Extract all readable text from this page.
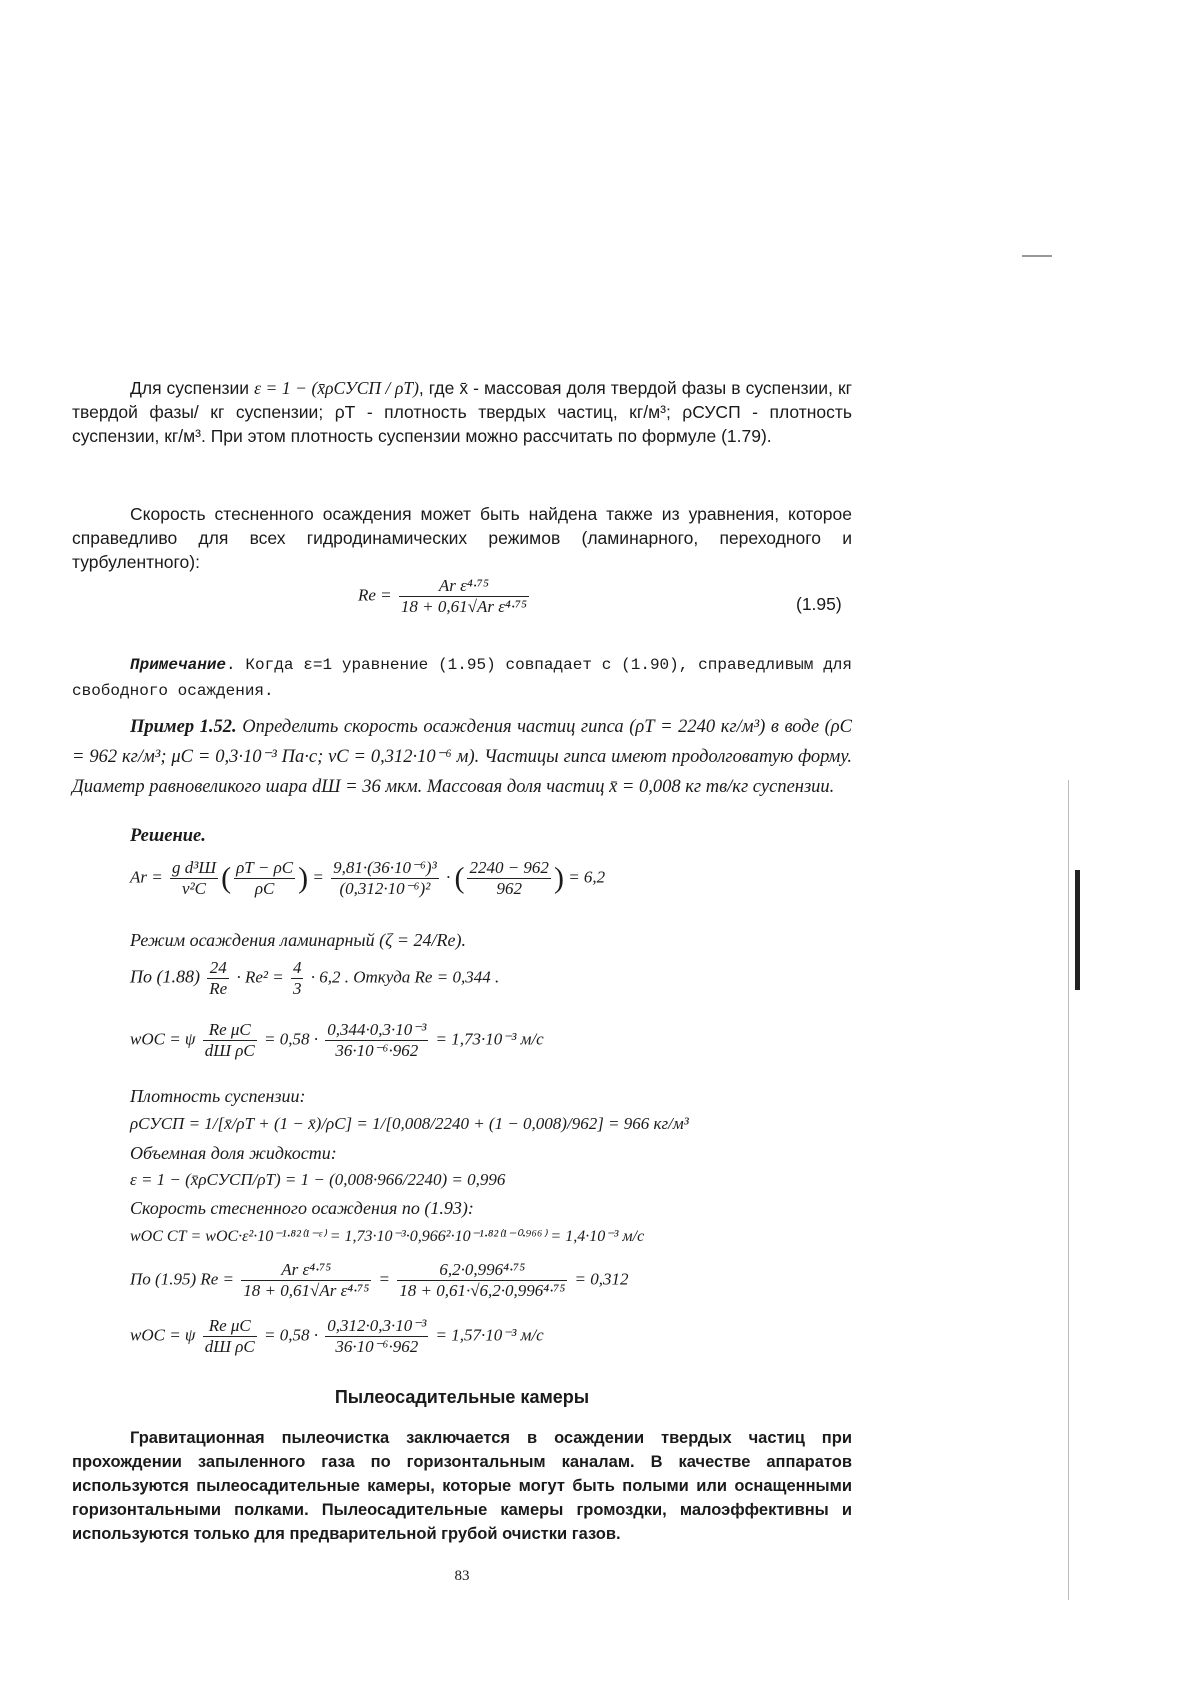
Для суспензии ε = 1 − (x̄ρСУСП / ρТ), где x̄ - массовая доля твердой фазы в суспензии, кг твердой фазы/ кг суспензии; ρТ - плотность твердых частиц, кг/м³; ρСУСП - плотность суспензии, кг/м³. При этом плотность суспензии можно рассчитать по формуле (1.79).
Скорость стесненного осаждения может быть найдена также из уравнения, которое справедливо для всех гидродинамических режимов (ламинарного, переходного и турбулентного):
$Re = \frac{\text{Ar ε⁴·⁷⁵}}{\text{18 + 0,61√Ar ε⁴·⁷⁵}}$	(1.95)
Примечание. Когда ε=1 уравнение (1.95) совпадает с (1.90), справедливым для свободного осаждения.
Пример 1.52. Определить скорость осаждения частиц гипса (ρТ = 2240 кг/м³) в воде (ρС = 962 кг/м³; μС = 0,3·10⁻³ Па·с; νС = 0,312·10⁻⁶ м). Частицы гипса имеют продолговатую форму. Диаметр равновеликого шара dШ = 36 мкм. Массовая доля частиц x̄ = 0,008 кг тв/кг суспензии.
Решение.
$Ar = \frac{\text{g d³Ш}}{\text{ν²С}}$ ( $\frac{\rho Т - \rho С}{\rho С}$ ) = $\frac{\text{9,81·(36·10⁻⁶)³}}{\text{(0,312·10⁻⁶)²}}$ · ( $\frac{2240 - 962}{962}$ ) = 6,2
Режим осаждения ламинарный (ζ = 24/Re).
По $(1.88) \frac{24}{Re} \cdot Re^2 = \frac{4}{3} \cdot 6,2$ . Откуда Re = 0,344 .
wОС = ψ $\frac{\text{Re μС}}{\text{dШ ρС}} = 0,58 \cdot \frac{\text{0,344·0,3·10⁻³}}{\text{36·10⁻⁶·962}} = 1,73\cdot 10^{-3}$ м/с
Плотность суспензии:
ρСУСП = 1/[x̄/ρТ + (1 − x̄)/ρС] = 1/[0,008/2240 + (1 − 0,008)/962] = 966 кг/м³
Объемная доля жидкости:
ε = 1 − (x̄ρСУСП/ρТ) = 1 − (0,008·966/2240) = 0,996
Скорость стесненного осаждения по (1.93):
wОС СТ = wОС·ε²·10⁻¹·⁸²⁽¹⁻ᵋ⁾ = 1,73·10⁻³·0,966²·10⁻¹·⁸²⁽¹⁻⁰·⁹⁶⁶⁾ = 1,4·10⁻³ м/с
По (1.95) $Re = \frac{\text{Ar ε⁴·⁷⁵}}{\text{18 + 0,61√Ar ε⁴·⁷⁵}} = \frac{\text{6,2·0,996⁴·⁷⁵}}{\text{18 + 0,61·√6,2·0,996⁴·⁷⁵}} = 0,312$
wОС = ψ $\frac{\text{Re μС}}{\text{dШ ρС}} = 0,58 \cdot \frac{\text{0,312·0,3·10⁻³}}{\text{36·10⁻⁶·962}} = 1,57\cdot 10^{-3}$ м/с
Пылеосадительные камеры
Гравитационная пылеочистка заключается в осаждении твердых частиц при прохождении запыленного газа по горизонтальным каналам. В качестве аппаратов используются пылеосадительные камеры, которые могут быть полыми или оснащенными горизонтальными полками. Пылеосадительные камеры громоздки, малоэффективны и используются только для предварительной грубой очистки газов.
83
